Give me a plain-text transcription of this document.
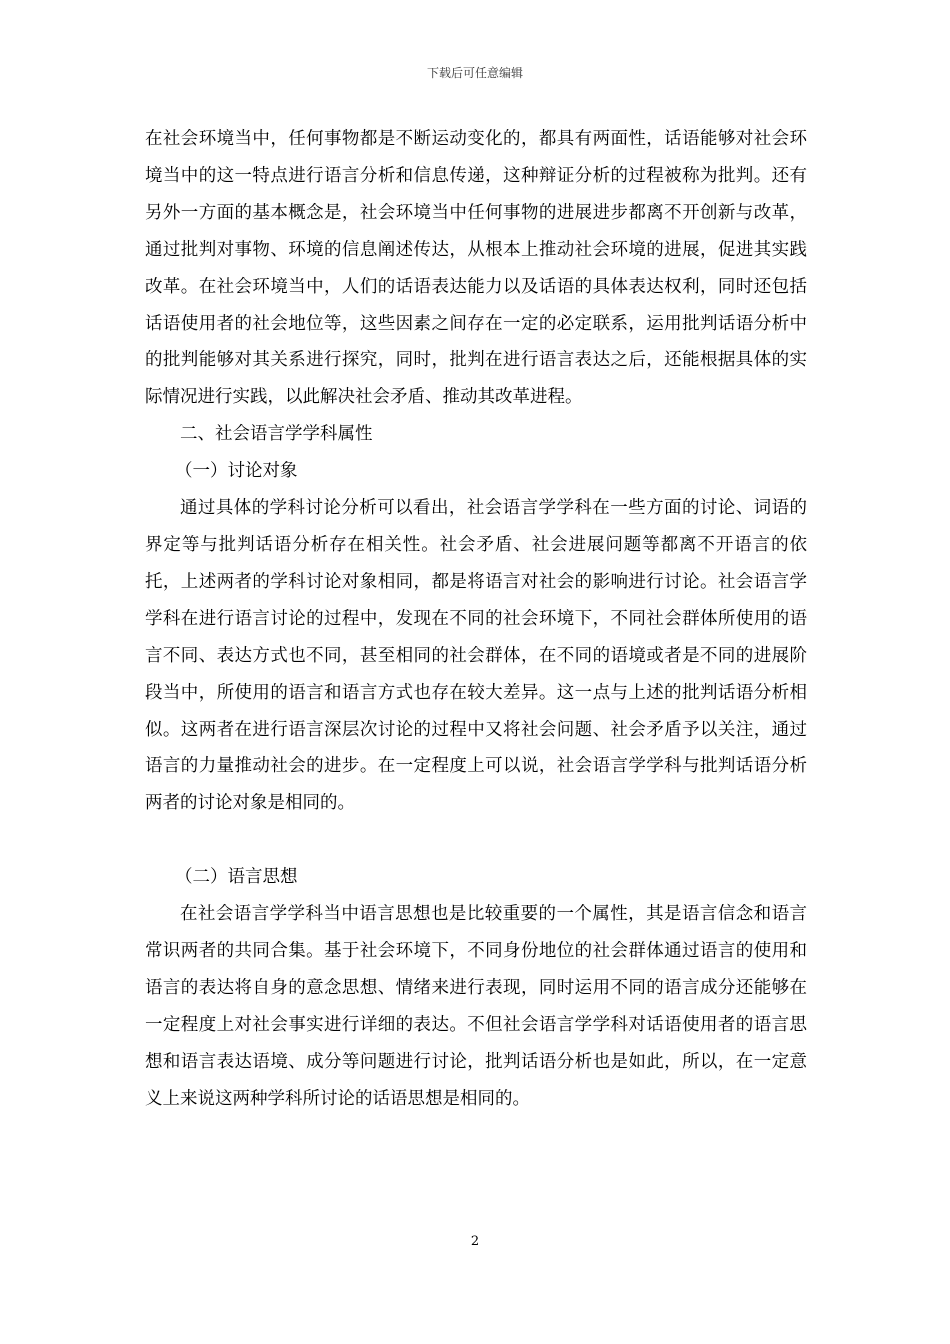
下载后可任意编辑

在社会环境当中，任何事物都是不断运动变化的，都具有两面性，话语能够对社会环境当中的这一特点进行语言分析和信息传递，这种辩证分析的过程被称为批判。还有另外一方面的基本概念是，社会环境当中任何事物的进展进步都离不开创新与改革，通过批判对事物、环境的信息阐述传达，从根本上推动社会环境的进展，促进其实践改革。在社会环境当中，人们的话语表达能力以及话语的具体表达权利，同时还包括话语使用者的社会地位等，这些因素之间存在一定的必定联系，运用批判话语分析中的批判能够对其关系进行探究，同时，批判在进行语言表达之后，还能根据具体的实际情况进行实践，以此解决社会矛盾、推动其改革进程。

二、社会语言学学科属性

（一）讨论对象

通过具体的学科讨论分析可以看出，社会语言学学科在一些方面的讨论、词语的界定等与批判话语分析存在相关性。社会矛盾、社会进展问题等都离不开语言的依托，上述两者的学科讨论对象相同，都是将语言对社会的影响进行讨论。社会语言学学科在进行语言讨论的过程中，发现在不同的社会环境下，不同社会群体所使用的语言不同、表达方式也不同，甚至相同的社会群体，在不同的语境或者是不同的进展阶段当中，所使用的语言和语言方式也存在较大差异。这一点与上述的批判话语分析相似。这两者在进行语言深层次讨论的过程中又将社会问题、社会矛盾予以关注，通过语言的力量推动社会的进步。在一定程度上可以说，社会语言学学科与批判话语分析两者的讨论对象是相同的。

（二）语言思想

在社会语言学学科当中语言思想也是比较重要的一个属性，其是语言信念和语言常识两者的共同合集。基于社会环境下，不同身份地位的社会群体通过语言的使用和语言的表达将自身的意念思想、情绪来进行表现，同时运用不同的语言成分还能够在一定程度上对社会事实进行详细的表达。不但社会语言学学科对话语使用者的语言思想和语言表达语境、成分等问题进行讨论，批判话语分析也是如此，所以，在一定意义上来说这两种学科所讨论的话语思想是相同的。

2
